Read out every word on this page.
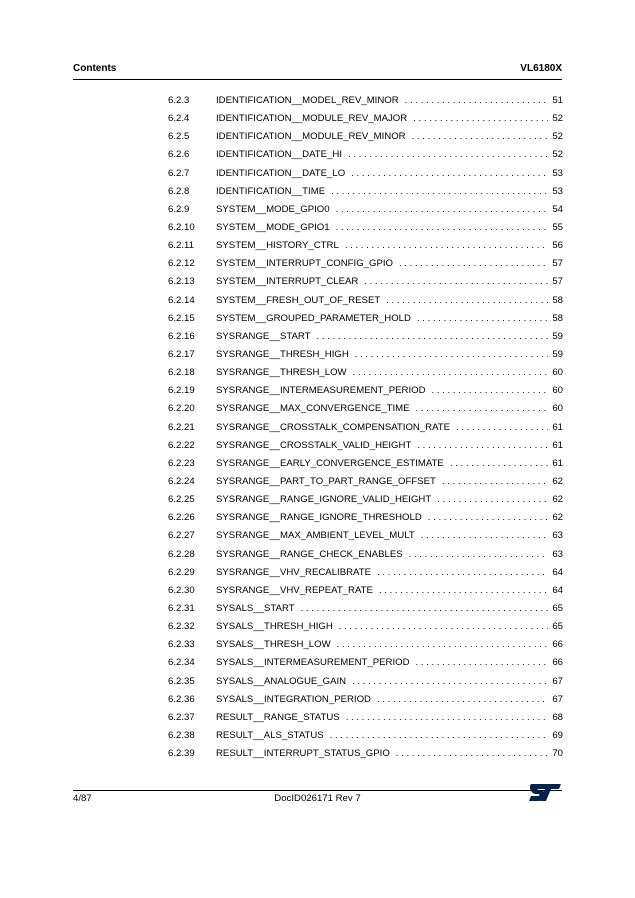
Contents	VL6180X
6.2.3	IDENTIFICATION__MODEL_REV_MINOR . . .	51
6.2.4	IDENTIFICATION__MODULE_REV_MAJOR . . .	52
6.2.5	IDENTIFICATION__MODULE_REV_MINOR . . .	52
6.2.6	IDENTIFICATION__DATE_HI . . .	52
6.2.7	IDENTIFICATION__DATE_LO . . .	53
6.2.8	IDENTIFICATION__TIME . . .	53
6.2.9	SYSTEM__MODE_GPIO0 . . .	54
6.2.10	SYSTEM__MODE_GPIO1 . . .	55
6.2.11	SYSTEM__HISTORY_CTRL . . .	56
6.2.12	SYSTEM__INTERRUPT_CONFIG_GPIO . . .	57
6.2.13	SYSTEM__INTERRUPT_CLEAR . . .	57
6.2.14	SYSTEM__FRESH_OUT_OF_RESET . . .	58
6.2.15	SYSTEM__GROUPED_PARAMETER_HOLD . . .	58
6.2.16	SYSRANGE__START . . .	59
6.2.17	SYSRANGE__THRESH_HIGH . . .	59
6.2.18	SYSRANGE__THRESH_LOW . . .	60
6.2.19	SYSRANGE__INTERMEASUREMENT_PERIOD . . .	60
6.2.20	SYSRANGE__MAX_CONVERGENCE_TIME . . .	60
6.2.21	SYSRANGE__CROSSTALK_COMPENSATION_RATE . . .	61
6.2.22	SYSRANGE__CROSSTALK_VALID_HEIGHT . . .	61
6.2.23	SYSRANGE__EARLY_CONVERGENCE_ESTIMATE . . .	61
6.2.24	SYSRANGE__PART_TO_PART_RANGE_OFFSET . . .	62
6.2.25	SYSRANGE__RANGE_IGNORE_VALID_HEIGHT . . .	62
6.2.26	SYSRANGE__RANGE_IGNORE_THRESHOLD . . .	62
6.2.27	SYSRANGE__MAX_AMBIENT_LEVEL_MULT . . .	63
6.2.28	SYSRANGE__RANGE_CHECK_ENABLES . . .	63
6.2.29	SYSRANGE__VHV_RECALIBRATE . . .	64
6.2.30	SYSRANGE__VHV_REPEAT_RATE . . .	64
6.2.31	SYSALS__START . . .	65
6.2.32	SYSALS__THRESH_HIGH . . .	65
6.2.33	SYSALS__THRESH_LOW . . .	66
6.2.34	SYSALS__INTERMEASUREMENT_PERIOD . . .	66
6.2.35	SYSALS__ANALOGUE_GAIN . . .	67
6.2.36	SYSALS__INTEGRATION_PERIOD . . .	67
6.2.37	RESULT__RANGE_STATUS . . .	68
6.2.38	RESULT__ALS_STATUS . . .	69
6.2.39	RESULT__INTERRUPT_STATUS_GPIO . . .	70
4/87	DocID026171 Rev 7
